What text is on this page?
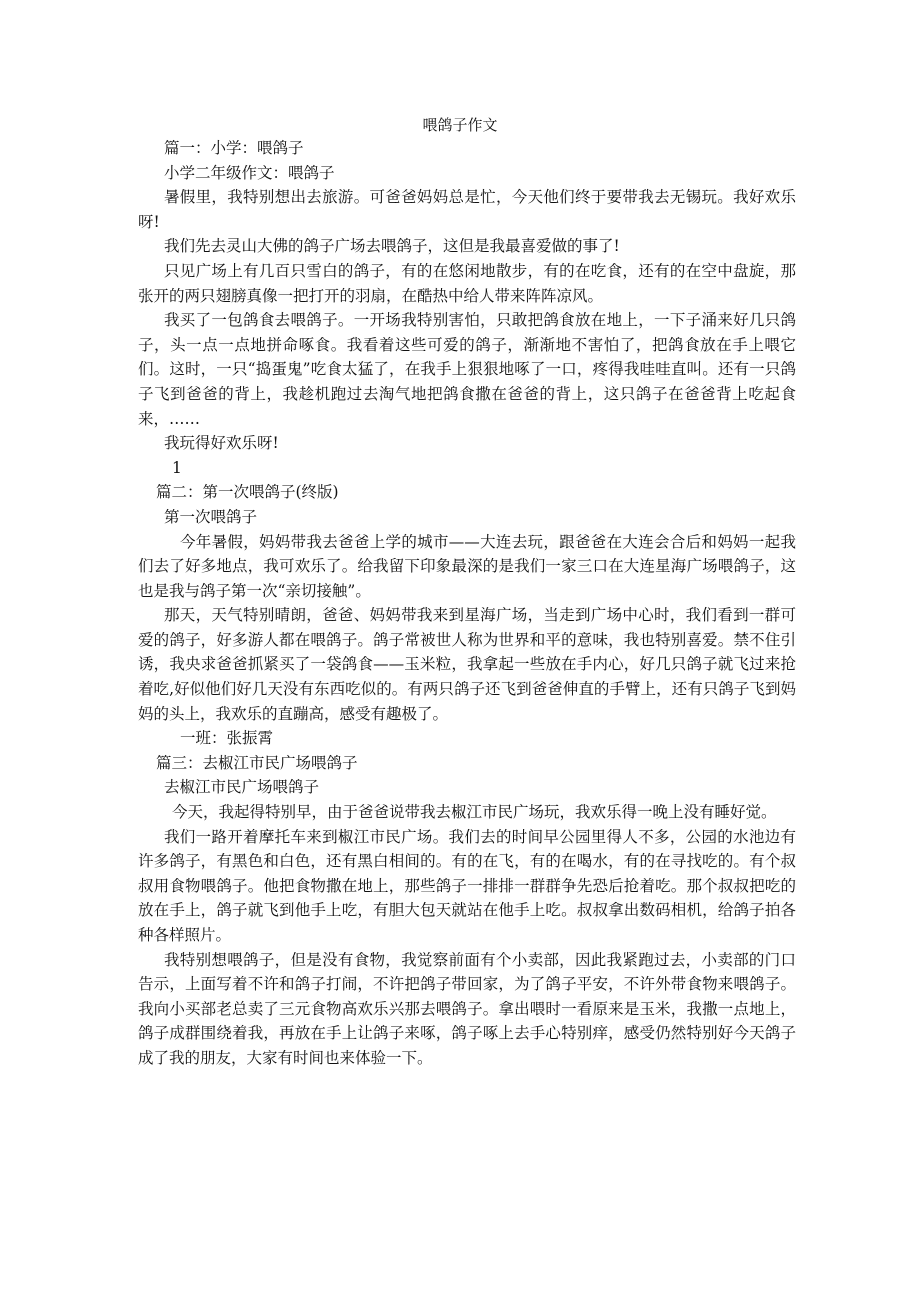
喂鸽子作文

篇一：小学：喂鸽子

小学二年级作文：喂鸽子

暑假里，我特别想出去旅游。可爸爸妈妈总是忙，今天他们终于要带我去无锡玩。我好欢乐呀!

我们先去灵山大佛的鸽子广场去喂鸽子，这但是我最喜爱做的事了!

只见广场上有几百只雪白的鸽子，有的在悠闲地散步，有的在吃食，还有的在空中盘旋，那张开的两只翅膀真像一把打开的羽扇，在酷热中给人带来阵阵凉风。

我买了一包鸽食去喂鸽子。一开场我特别害怕，只敢把鸽食放在地上，一下子涌来好几只鸽子，头一点一点地拼命啄食。我看着这些可爱的鸽子，渐渐地不害怕了，把鸽食放在手上喂它们。这时，一只“捣蛋鬼”吃食太猛了，在我手上狠狠地啄了一口，疼得我哇哇直叫。还有一只鸽子飞到爸爸的背上，我趁机跑过去淘气地把鸽食撒在爸爸的背上，这只鸽子在爸爸背上吃起食来，……

我玩得好欢乐呀!

1

篇二：第一次喂鸽子(终版)

第一次喂鸽子

今年暑假，妈妈带我去爸爸上学的城市——大连去玩，跟爸爸在大连会合后和妈妈一起我们去了好多地点，我可欢乐了。给我留下印象最深的是我们一家三口在大连星海广场喂鸽子，这也是我与鸽子第一次“亲切接触”。

那天，天气特别晴朗，爸爸、妈妈带我来到星海广场，当走到广场中心时，我们看到一群可爱的鸽子，好多游人都在喂鸽子。鸽子常被世人称为世界和平的意味，我也特别喜爱。禁不住引诱，我央求爸爸抓紧买了一袋鸽食——玉米粒，我拿起一些放在手内心，好几只鸽子就飞过来抢着吃,好似他们好几天没有东西吃似的。有两只鸽子还飞到爸爸伸直的手臂上，还有只鸽子飞到妈妈的头上，我欢乐的直蹦高，感受有趣极了。

一班：张振霄

篇三：去椒江市民广场喂鸽子

去椒江市民广场喂鸽子

今天，我起得特别早，由于爸爸说带我去椒江市民广场玩，我欢乐得一晚上没有睡好觉。

我们一路开着摩托车来到椒江市民广场。我们去的时间早公园里得人不多，公园的水池边有许多鸽子，有黑色和白色，还有黑白相间的。有的在飞，有的在喝水，有的在寻找吃的。有个叔叔用食物喂鸽子。他把食物撒在地上，那些鸽子一排排一群群争先恐后抢着吃。那个叔叔把吃的放在手上，鸽子就飞到他手上吃，有胆大包天就站在他手上吃。叔叔拿出数码相机，给鸽子拍各种各样照片。

我特别想喂鸽子，但是没有食物，我觉察前面有个小卖部，因此我紧跑过去，小卖部的门口告示，上面写着不许和鸽子打闹，不许把鸽子带回家，为了鸽子平安，不许外带食物来喂鸽子。我向小买部老总卖了三元食物高欢乐兴那去喂鸽子。拿出喂时一看原来是玉米，我撒一点地上，鸽子成群围绕着我，再放在手上让鸽子来啄，鸽子啄上去手心特别痒，感受仍然特别好今天鸽子成了我的朋友，大家有时间也来体验一下。
